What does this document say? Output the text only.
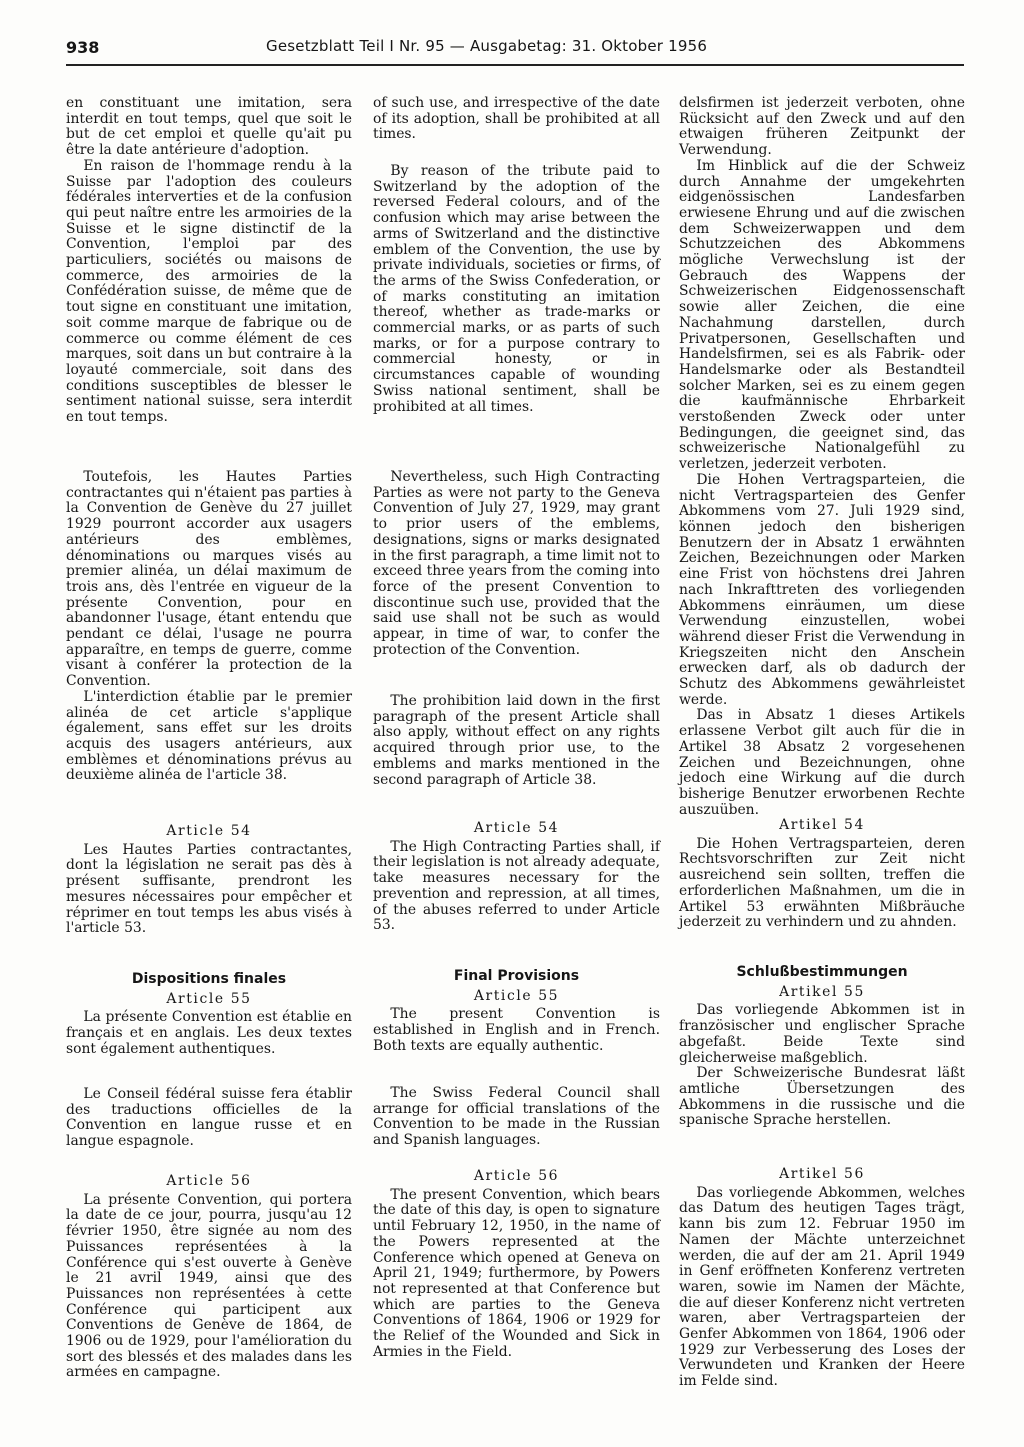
938	Gesetzblatt Teil I Nr. 95 — Ausgabetag: 31. Oktober 1956

en constituant une imitation, sera interdit en tout temps, quel que soit le but de cet emploi et quelle qu'ait pu être la date antérieure d'adoption.

En raison de l'hommage rendu à la Suisse par l'adoption des couleurs fédérales interverties et de la confusion qui peut naître entre les armoiries de la Suisse et le signe distinctif de la Convention, l'emploi par des particuliers, sociétés ou maisons de commerce, des armoiries de la Confédération suisse, de même que de tout signe en constituant une imitation, soit comme marque de fabrique ou de commerce ou comme élément de ces marques, soit dans un but contraire à la loyauté commerciale, soit dans des conditions susceptibles de blesser le sentiment national suisse, sera interdit en tout temps.

Toutefois, les Hautes Parties contractantes qui n'étaient pas parties à la Convention de Genève du 27 juillet 1929 pourront accorder aux usagers antérieurs des emblèmes, dénominations ou marques visés au premier alinéa, un délai maximum de trois ans, dès l'entrée en vigueur de la présente Convention, pour en abandonner l'usage, étant entendu que pendant ce délai, l'usage ne pourra apparaître, en temps de guerre, comme visant à conférer la protection de la Convention.

L'interdiction établie par le premier alinéa de cet article s'applique également, sans effet sur les droits acquis des usagers antérieurs, aux emblèmes et dénominations prévus au deuxième alinéa de l'article 38.

Article 54

Les Hautes Parties contractantes, dont la législation ne serait pas dès à présent suffisante, prendront les mesures nécessaires pour empêcher et réprimer en tout temps les abus visés à l'article 53.

Dispositions finales

Article 55

La présente Convention est établie en français et en anglais. Les deux textes sont également authentiques.

Le Conseil fédéral suisse fera établir des traductions officielles de la Convention en langue russe et en langue espagnole.

Article 56

La présente Convention, qui portera la date de ce jour, pourra, jusqu'au 12 février 1950, être signée au nom des Puissances représentées à la Conférence qui s'est ouverte à Genève le 21 avril 1949, ainsi que des Puissances non représentées à cette Conférence qui participent aux Conventions de Genève de 1864, de 1906 ou de 1929, pour l'amélioration du sort des blessés et des malades dans les armées en campagne.

of such use, and irrespective of the date of its adoption, shall be prohibited at all times.

By reason of the tribute paid to Switzerland by the adoption of the reversed Federal colours, and of the confusion which may arise between the arms of Switzerland and the distinctive emblem of the Convention, the use by private individuals, societies or firms, of the arms of the Swiss Confederation, or of marks constituting an imitation thereof, whether as trade-marks or commercial marks, or as parts of such marks, or for a purpose contrary to commercial honesty, or in circumstances capable of wounding Swiss national sentiment, shall be prohibited at all times.

Nevertheless, such High Contracting Parties as were not party to the Geneva Convention of July 27, 1929, may grant to prior users of the emblems, designations, signs or marks designated in the first paragraph, a time limit not to exceed three years from the coming into force of the present Convention to discontinue such use, provided that the said use shall not be such as would appear, in time of war, to confer the protection of the Convention.

The prohibition laid down in the first paragraph of the present Article shall also apply, without effect on any rights acquired through prior use, to the emblems and marks mentioned in the second paragraph of Article 38.

Article 54

The High Contracting Parties shall, if their legislation is not already adequate, take measures necessary for the prevention and repression, at all times, of the abuses referred to under Article 53.

Final Provisions

Article 55

The present Convention is established in English and in French. Both texts are equally authentic.

The Swiss Federal Council shall arrange for official translations of the Convention to be made in the Russian and Spanish languages.

Article 56

The present Convention, which bears the date of this day, is open to signature until February 12, 1950, in the name of the Powers represented at the Conference which opened at Geneva on April 21, 1949; furthermore, by Powers not represented at that Conference but which are parties to the Geneva Conventions of 1864, 1906 or 1929 for the Relief of the Wounded and Sick in Armies in the Field.

delsfirmen ist jederzeit verboten, ohne Rücksicht auf den Zweck und auf den etwaigen früheren Zeitpunkt der Verwendung.

Im Hinblick auf die der Schweiz durch Annahme der umgekehrten eidgenössischen Landesfarben erwiesene Ehrung und auf die zwischen dem Schweizerwappen und dem Schutzzeichen des Abkommens mögliche Verwechslung ist der Gebrauch des Wappens der Schweizerischen Eidgenossenschaft sowie aller Zeichen, die eine Nachahmung darstellen, durch Privatpersonen, Gesellschaften und Handelsfirmen, sei es als Fabrik- oder Handelsmarke oder als Bestandteil solcher Marken, sei es zu einem gegen die kaufmännische Ehrbarkeit verstoßenden Zweck oder unter Bedingungen, die geeignet sind, das schweizerische Nationalgefühl zu verletzen, jederzeit verboten.

Die Hohen Vertragsparteien, die nicht Vertragsparteien des Genfer Abkommens vom 27. Juli 1929 sind, können jedoch den bisherigen Benutzern der in Absatz 1 erwähnten Zeichen, Bezeichnungen oder Marken eine Frist von höchstens drei Jahren nach Inkrafttreten des vorliegenden Abkommens einräumen, um diese Verwendung einzustellen, wobei während dieser Frist die Verwendung in Kriegszeiten nicht den Anschein erwecken darf, als ob dadurch der Schutz des Abkommens gewährleistet werde.

Das in Absatz 1 dieses Artikels erlassene Verbot gilt auch für die in Artikel 38 Absatz 2 vorgesehenen Zeichen und Bezeichnungen, ohne jedoch eine Wirkung auf die durch bisherige Benutzer erworbenen Rechte auszuüben.

Artikel 54

Die Hohen Vertragsparteien, deren Rechtsvorschriften zur Zeit nicht ausreichend sein sollten, treffen die erforderlichen Maßnahmen, um die in Artikel 53 erwähnten Mißbräuche jederzeit zu verhindern und zu ahnden.

Schlußbestimmungen

Artikel 55

Das vorliegende Abkommen ist in französischer und englischer Sprache abgefaßt. Beide Texte sind gleicherweise maßgeblich.

Der Schweizerische Bundesrat läßt amtliche Übersetzungen des Abkommens in die russische und die spanische Sprache herstellen.

Artikel 56

Das vorliegende Abkommen, welches das Datum des heutigen Tages trägt, kann bis zum 12. Februar 1950 im Namen der Mächte unterzeichnet werden, die auf der am 21. April 1949 in Genf eröffneten Konferenz vertreten waren, sowie im Namen der Mächte, die auf dieser Konferenz nicht vertreten waren, aber Vertragsparteien der Genfer Abkommen von 1864, 1906 oder 1929 zur Verbesserung des Loses der Verwundeten und Kranken der Heere im Felde sind.
